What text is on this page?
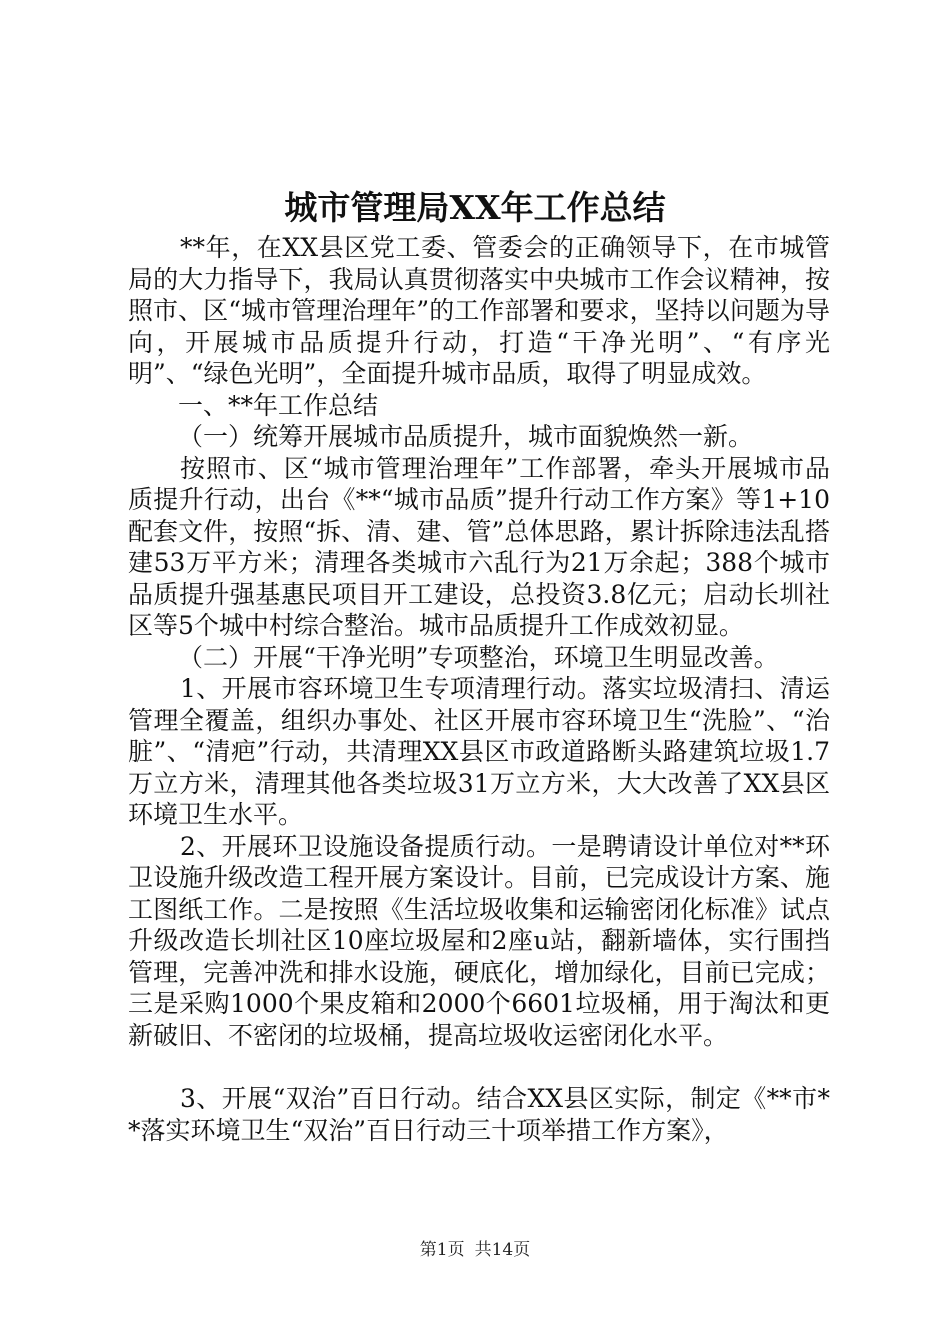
城市管理局XX年工作总结

**年，在XX县区党工委、管委会的正确领导下，在市城管局的大力指导下，我局认真贯彻落实中央城市工作会议精神，按照市、区“城市管理治理年”的工作部署和要求，坚持以问题为导向，开展城市品质提升行动，打造“干净光明”、“有序光明”、“绿色光明”，全面提升城市品质，取得了明显成效。

一、**年工作总结

（一）统筹开展城市品质提升，城市面貌焕然一新。

按照市、区“城市管理治理年”工作部署，牵头开展城市品质提升行动，出台《**“城市品质”提升行动工作方案》等1+10配套文件，按照“拆、清、建、管”总体思路，累计拆除违法乱搭建53万平方米；清理各类城市六乱行为21万余起；388个城市品质提升强基惠民项目开工建设，总投资3.8亿元；启动长圳社区等5个城中村综合整治。城市品质提升工作成效初显。

（二）开展“干净光明”专项整治，环境卫生明显改善。

1、开展市容环境卫生专项清理行动。落实垃圾清扫、清运管理全覆盖，组织办事处、社区开展市容环境卫生“洗脸”、“治脏”、“清疤”行动，共清理XX县区市政道路断头路建筑垃圾1.7万立方米，清理其他各类垃圾31万立方米，大大改善了XX县区环境卫生水平。

2、开展环卫设施设备提质行动。一是聘请设计单位对**环卫设施升级改造工程开展方案设计。目前，已完成设计方案、施工图纸工作。二是按照《生活垃圾收集和运输密闭化标准》试点升级改造长圳社区10座垃圾屋和2座u站，翻新墙体，实行围挡管理，完善冲洗和排水设施，硬底化，增加绿化，目前已完成；三是采购1000个果皮箱和2000个6601垃圾桶，用于淘汰和更新破旧、不密闭的垃圾桶，提高垃圾收运密闭化水平。

3、开展“双治”百日行动。结合XX县区实际，制定《**市**落实环境卫生“双治”百日行动三十项举措工作方案》，

第1页 共14页
